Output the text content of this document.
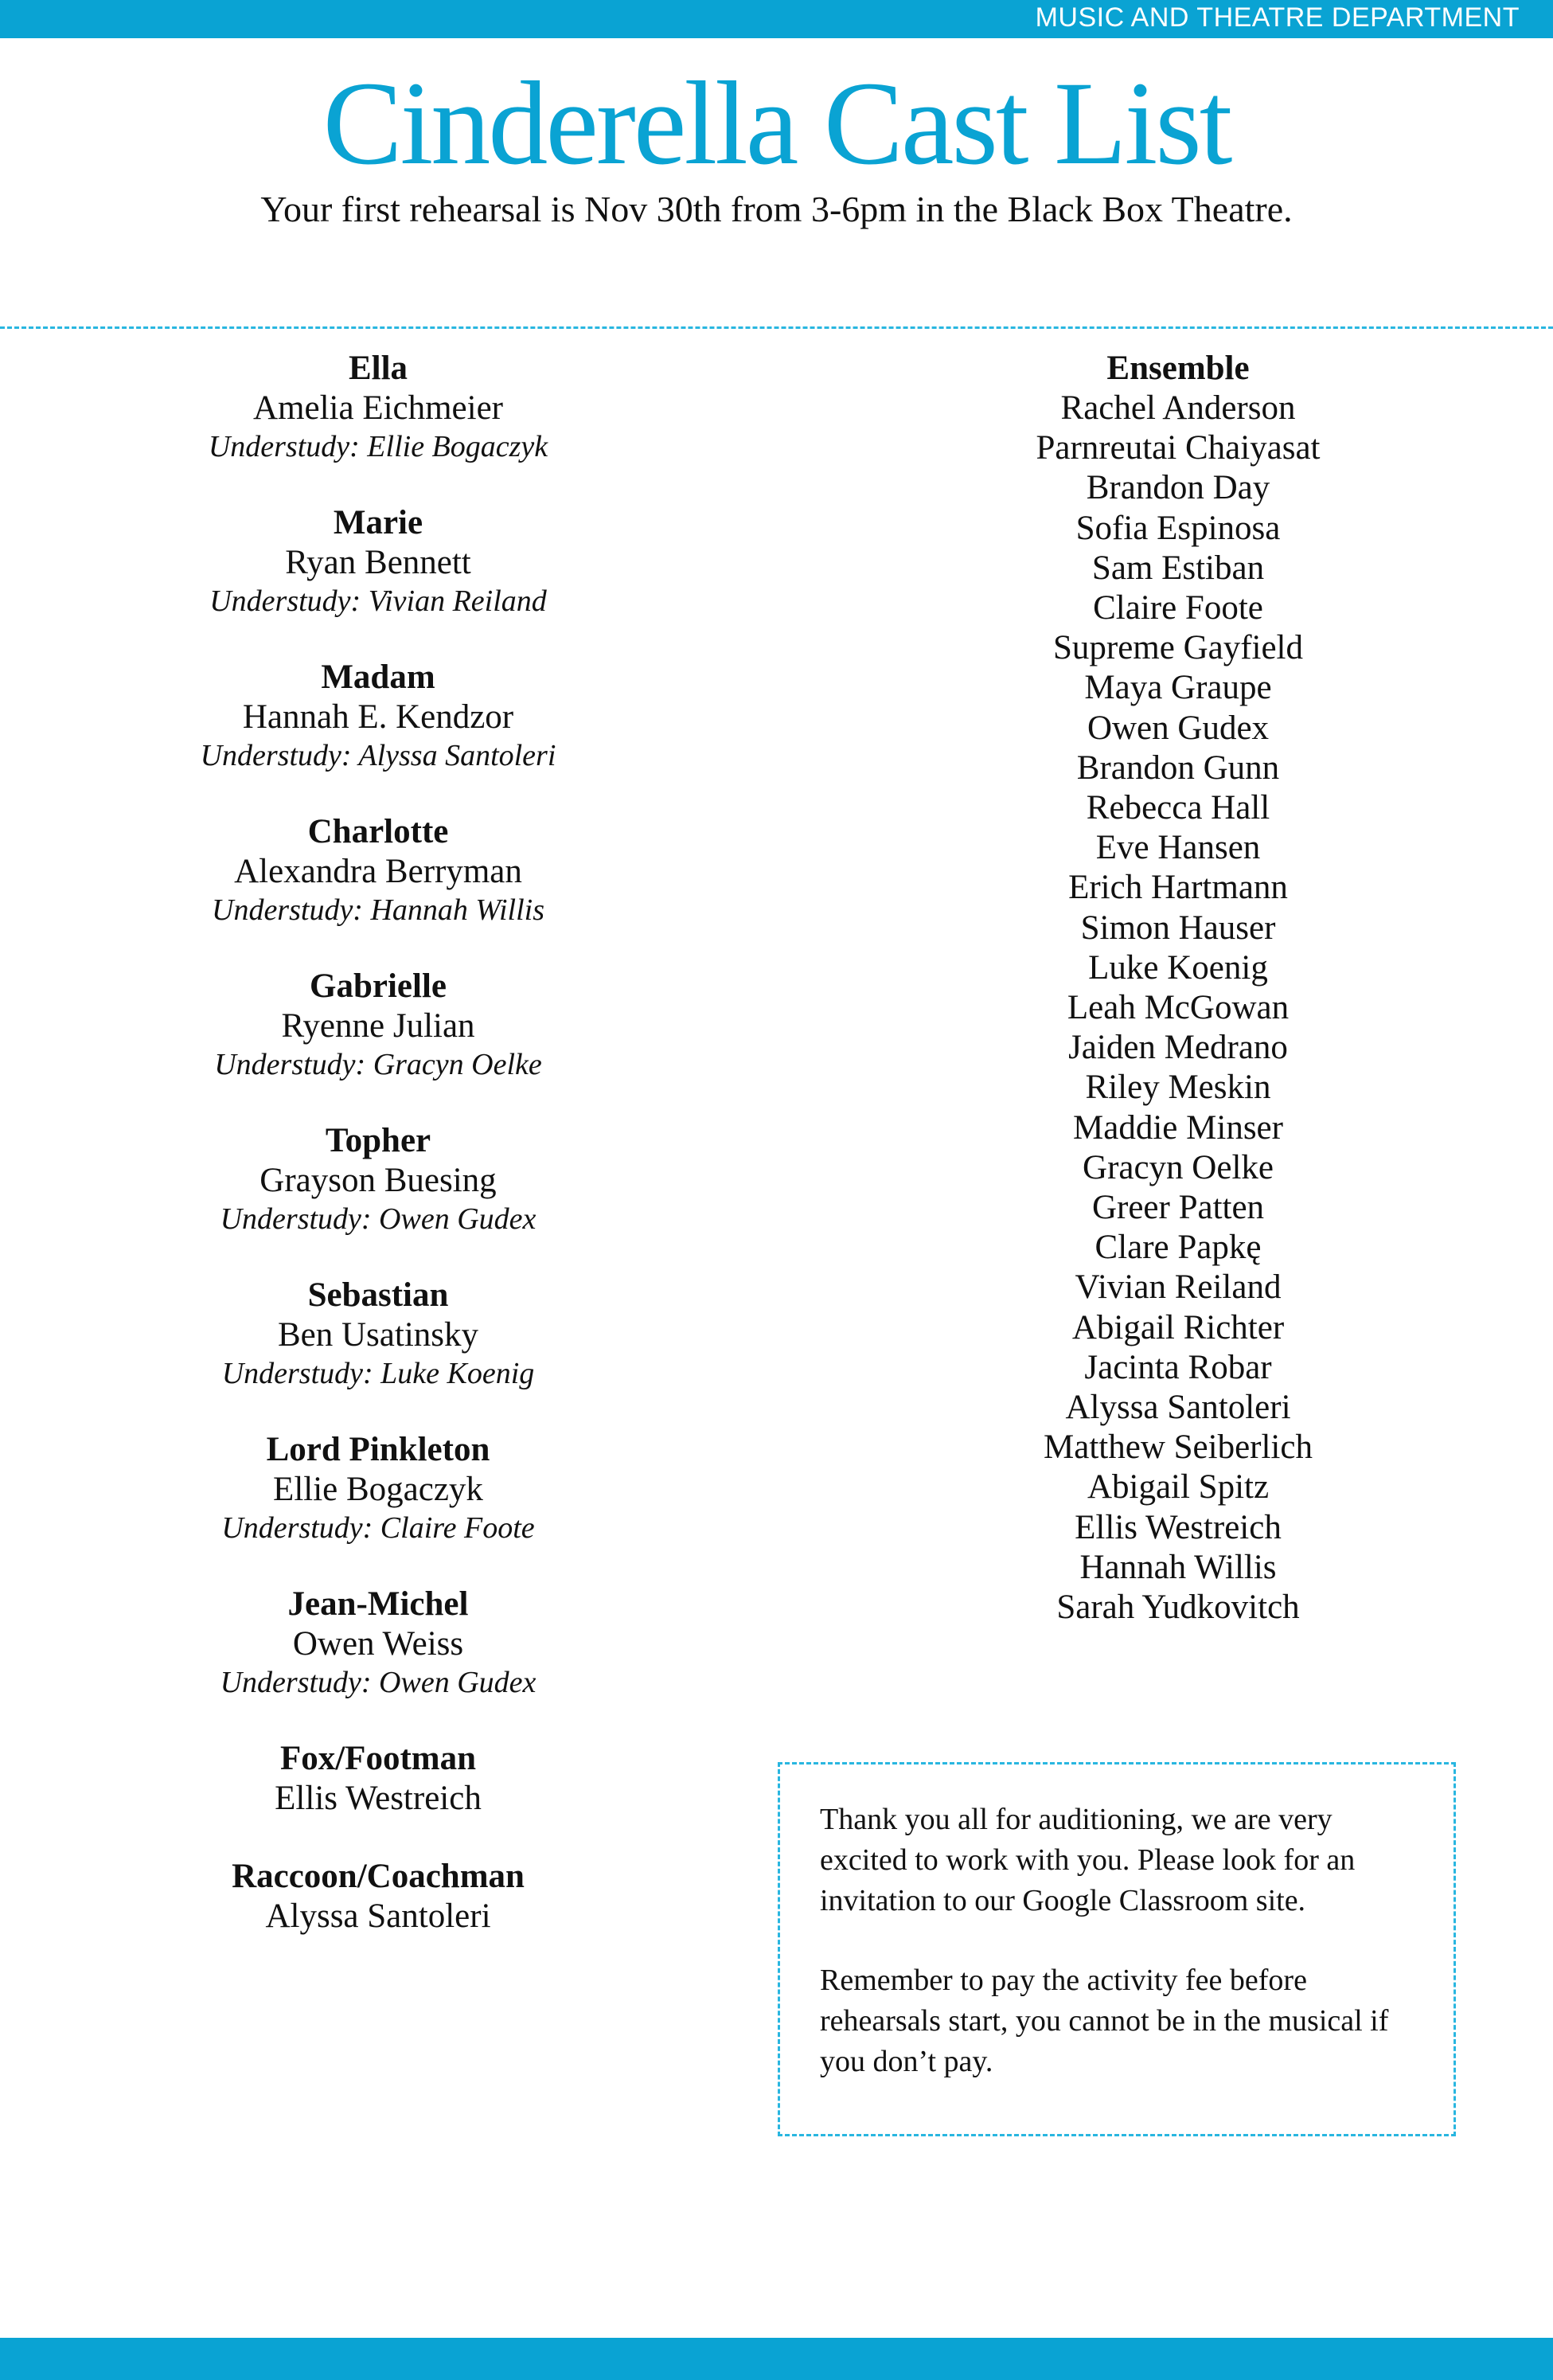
MUSIC AND THEATRE DEPARTMENT
Cinderella Cast List
Your first rehearsal is Nov 30th from 3-6pm in the Black Box Theatre.
Ella
Amelia Eichmeier
Understudy: Ellie Bogaczyk
Marie
Ryan Bennett
Understudy: Vivian Reiland
Madam
Hannah E. Kendzor
Understudy: Alyssa Santoleri
Charlotte
Alexandra Berryman
Understudy: Hannah Willis
Gabrielle
Ryenne Julian
Understudy: Gracyn Oelke
Topher
Grayson Buesing
Understudy: Owen Gudex
Sebastian
Ben Usatinsky
Understudy: Luke Koenig
Lord Pinkleton
Ellie Bogaczyk
Understudy: Claire Foote
Jean-Michel
Owen Weiss
Understudy: Owen Gudex
Fox/Footman
Ellis Westreich
Raccoon/Coachman
Alyssa Santoleri
Ensemble
Rachel Anderson
Parnreutai Chaiyasat
Brandon Day
Sofia Espinosa
Sam Estiban
Claire Foote
Supreme Gayfield
Maya Graupe
Owen Gudex
Brandon Gunn
Rebecca Hall
Eve Hansen
Erich Hartmann
Simon Hauser
Luke Koenig
Leah McGowan
Jaiden Medrano
Riley Meskin
Maddie Minser
Gracyn Oelke
Greer Patten
Clare Papkę
Vivian Reiland
Abigail Richter
Jacinta Robar
Alyssa Santoleri
Matthew Seiberlich
Abigail Spitz
Ellis Westreich
Hannah Willis
Sarah Yudkovitch

Thank you all for auditioning, we are very excited to work with you. Please look for an invitation to our Google Classroom site.

Remember to pay the activity fee before rehearsals start, you cannot be in the musical if you don’t pay.
